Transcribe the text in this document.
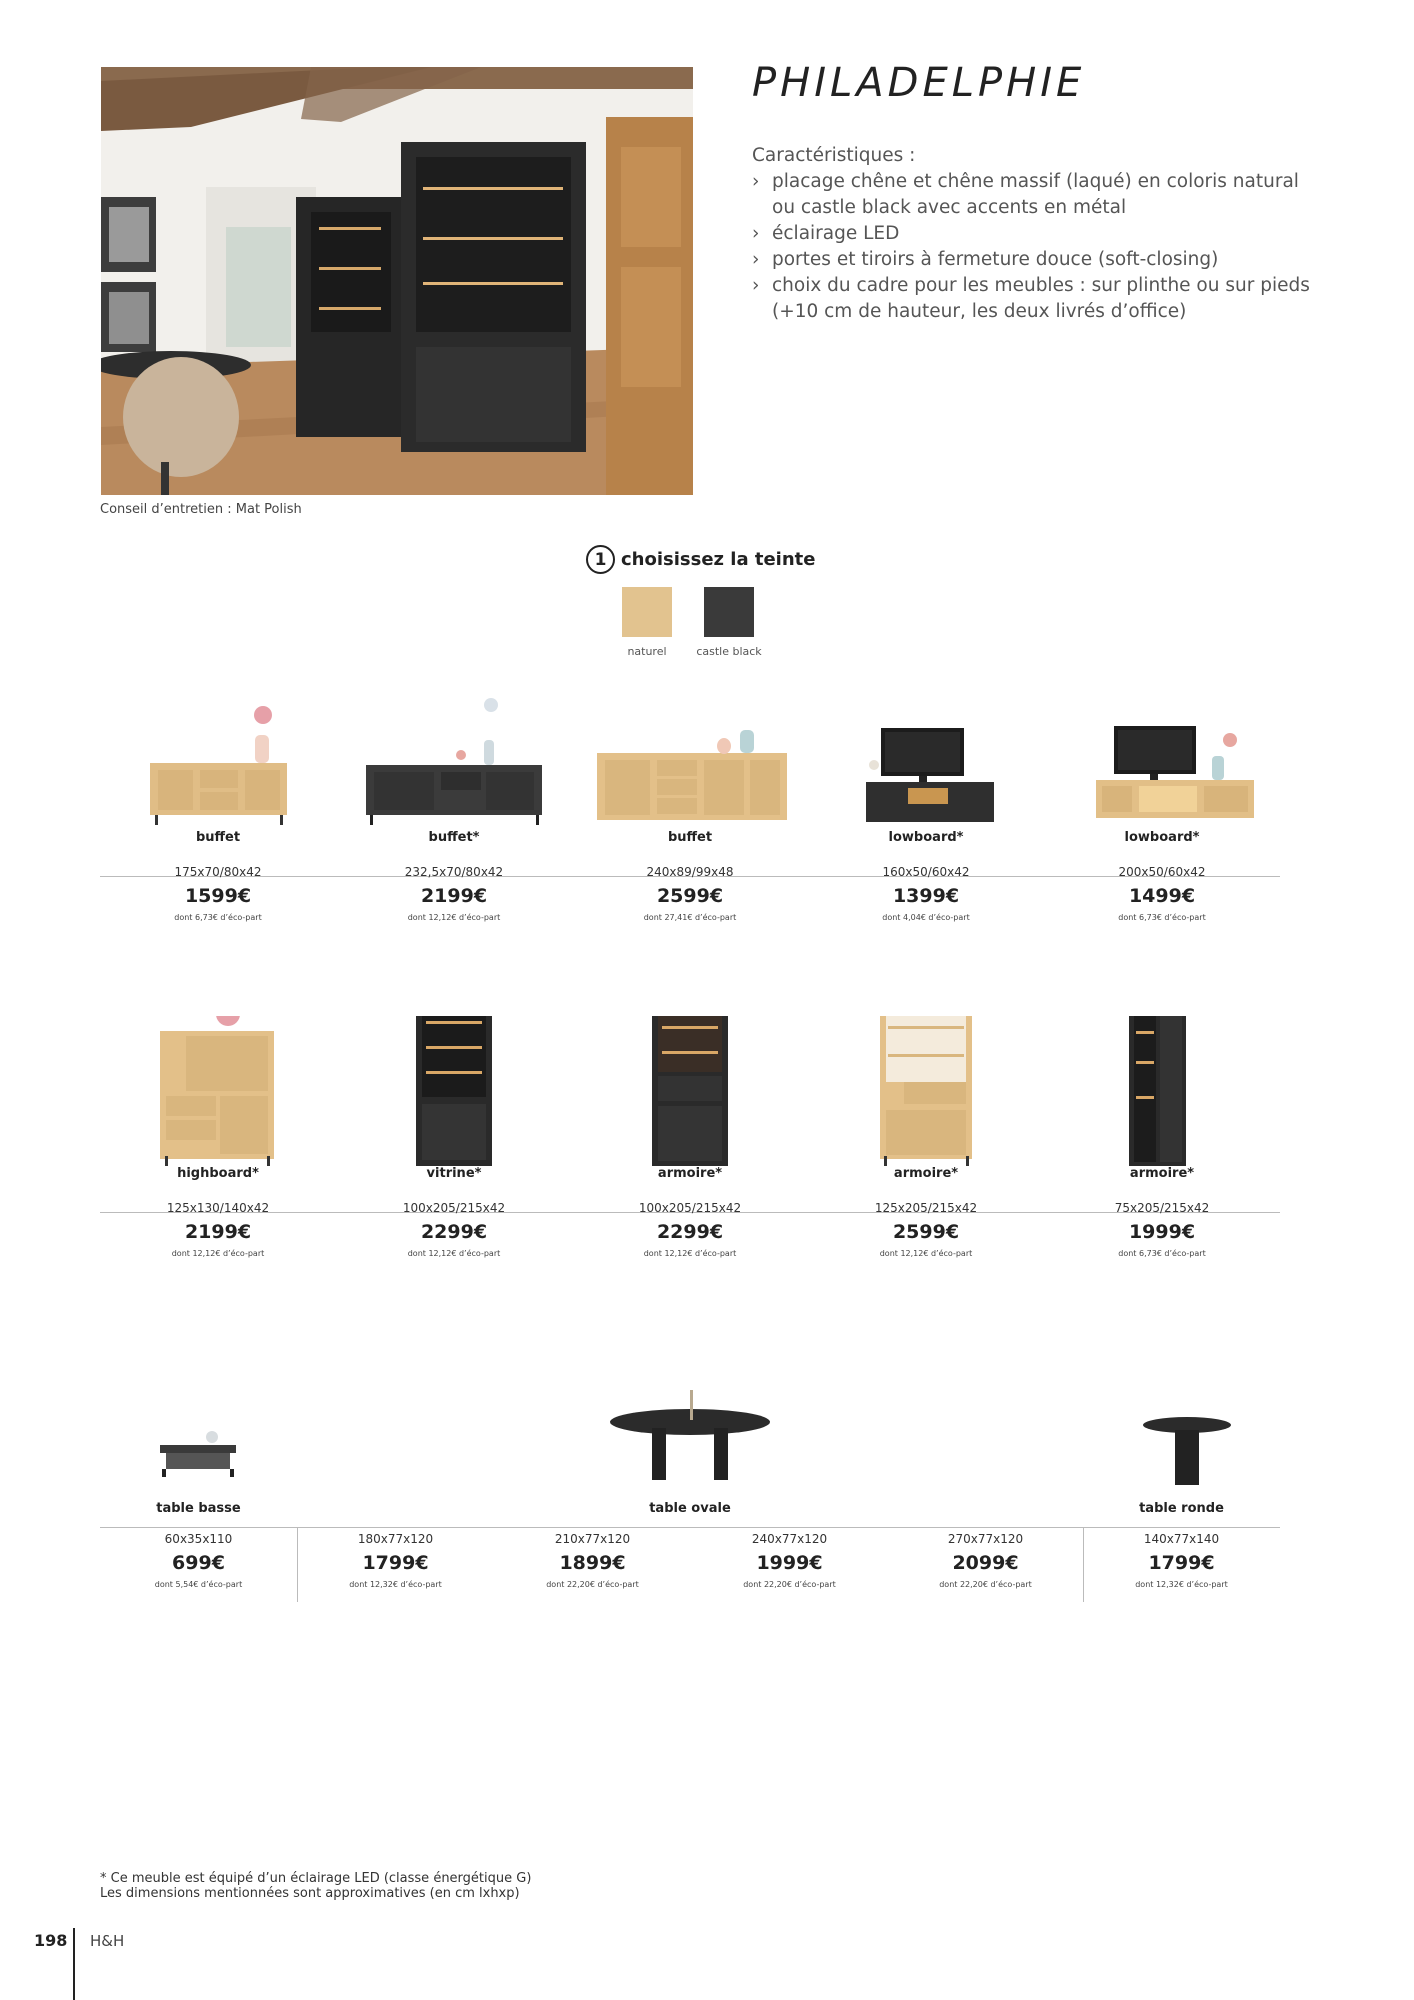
Conseil d’entretien : Mat Polish
PHILADELPHIE
Caractéristiques :
› placage chêne et chêne massif (laqué) en coloris natural ou castle black avec accents en métal
› éclairage LED
› portes et tiroirs à fermeture douce (soft-closing)
› choix du cadre pour les meubles : sur plinthe ou sur pieds (+10 cm de hauteur, les deux livrés d’office)
1 choisissez la teinte
naturel	castle black
buffet
175x70/80x42
1599€
dont 6,73€ d’éco-part
buffet*
232,5x70/80x42
2199€
dont 12,12€ d’éco-part
buffet
240x89/99x48
2599€
dont 27,41€ d’éco-part
lowboard*
160x50/60x42
1399€
dont 4,04€ d’éco-part
lowboard*
200x50/60x42
1499€
dont 6,73€ d’éco-part
highboard*
125x130/140x42
2199€
dont 12,12€ d’éco-part
vitrine*
100x205/215x42
2299€
dont 12,12€ d’éco-part
armoire*
100x205/215x42
2299€
dont 12,12€ d’éco-part
armoire*
125x205/215x42
2599€
dont 12,12€ d’éco-part
armoire*
75x205/215x42
1999€
dont 6,73€ d’éco-part
table basse	table ovale	table ronde
60x35x110
699€
dont 5,54€ d’éco-part
180x77x120
1799€
dont 12,32€ d’éco-part
210x77x120
1899€
dont 22,20€ d’éco-part
240x77x120
1999€
dont 22,20€ d’éco-part
270x77x120
2099€
dont 22,20€ d’éco-part
140x77x140
1799€
dont 12,32€ d’éco-part
* Ce meuble est équipé d’un éclairage LED (classe énergétique G)
Les dimensions mentionnées sont approximatives (en cm lxhxp)
198 H&H
